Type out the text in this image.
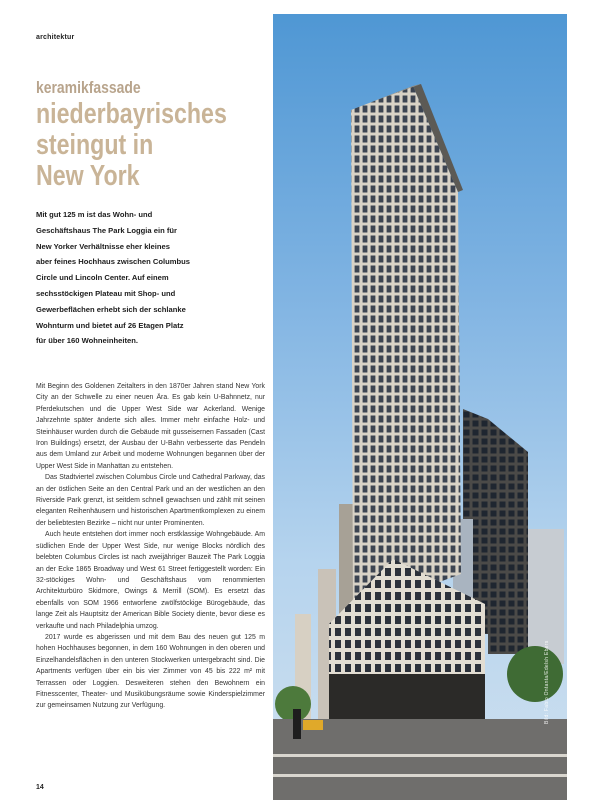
architektur
keramikfassade
niederbayrisches
steingut in
New York
Mit gut 125 m ist das Wohn- und
Geschäftshaus The Park Loggia ein für
New Yorker Verhältnisse eher kleines
aber feines Hochhaus zwischen Columbus
Circle und Lincoln Center. Auf einem
sechsstöckigen Plateau mit Shop- und
Gewerbeflächen erhebt sich der schlanke
Wohnturm und bietet auf 26 Etagen Platz
für über 160 Wohneinheiten.

Mit Beginn des Goldenen Zeitalters in den 1870er Jahren stand New York City an der Schwelle zu einer neuen Ära. Es gab kein U-Bahnnetz, nur Pferdekutschen und die Upper West Side war Ackerland. Wenige Jahrzehnte später änderte sich alles. Immer mehr einfache Holz- und Steinhäuser wurden durch die Gebäude mit gusseisernen Fassaden (Cast Iron Buildings) ersetzt, der Ausbau der U-Bahn verbesserte das Pendeln aus dem Umland zur Arbeit und moderne Wohnungen begannen über der Upper West Side in Manhattan zu entstehen.

Das Stadtviertel zwischen Columbus Circle und Cathedral Parkway, das an der östlichen Seite an den Central Park und an der westlichen an den Riverside Park grenzt, ist seitdem schnell gewachsen und zählt mit seinen eleganten Reihenhäusern und historischen Apartmentkomplexen zu einem der beliebtesten Bezirke – nicht nur unter Prominenten.

Auch heute entstehen dort immer noch erstklassige Wohngebäude. Am südlichen Ende der Upper West Side, nur wenige Blocks nördlich des belebten Columbus Circles ist nach zweijähriger Bauzeit The Park Loggia an der Ecke 1865 Broadway und West 61 Street fertiggestellt worden: Ein 32-stöckiges Wohn- und Geschäftshaus vom renommierten Architekturbüro Skidmore, Owings & Merrill (SOM). Es ersetzt das ebenfalls von SOM 1966 entworfene zwölfstöckige Bürogebäude, das lange Zeit als Hauptsitz der American Bible Society diente, bevor diese es verkaufte und nach Philadelphia umzog.

2017 wurde es abgerissen und mit dem Bau des neuen gut 125 m hohen Hochhauses begonnen, in dem 160 Wohnungen in den oberen und Einzelhandelsflächen in den unteren Stockwerken untergebracht sind. Die Apartments verfügen über ein bis vier Zimmer von 45 bis 222 m² mit Terrassen oder Loggien. Desweiteren stehen den Bewohnern ein Fitnesscenter, Theater- und Musikübungsräume sowie Kinderspielzimmer zur gemeinsamen Nutzung zur Verfügung.

14
Bild: Fabio Ontanta/Edelsh Ebers
